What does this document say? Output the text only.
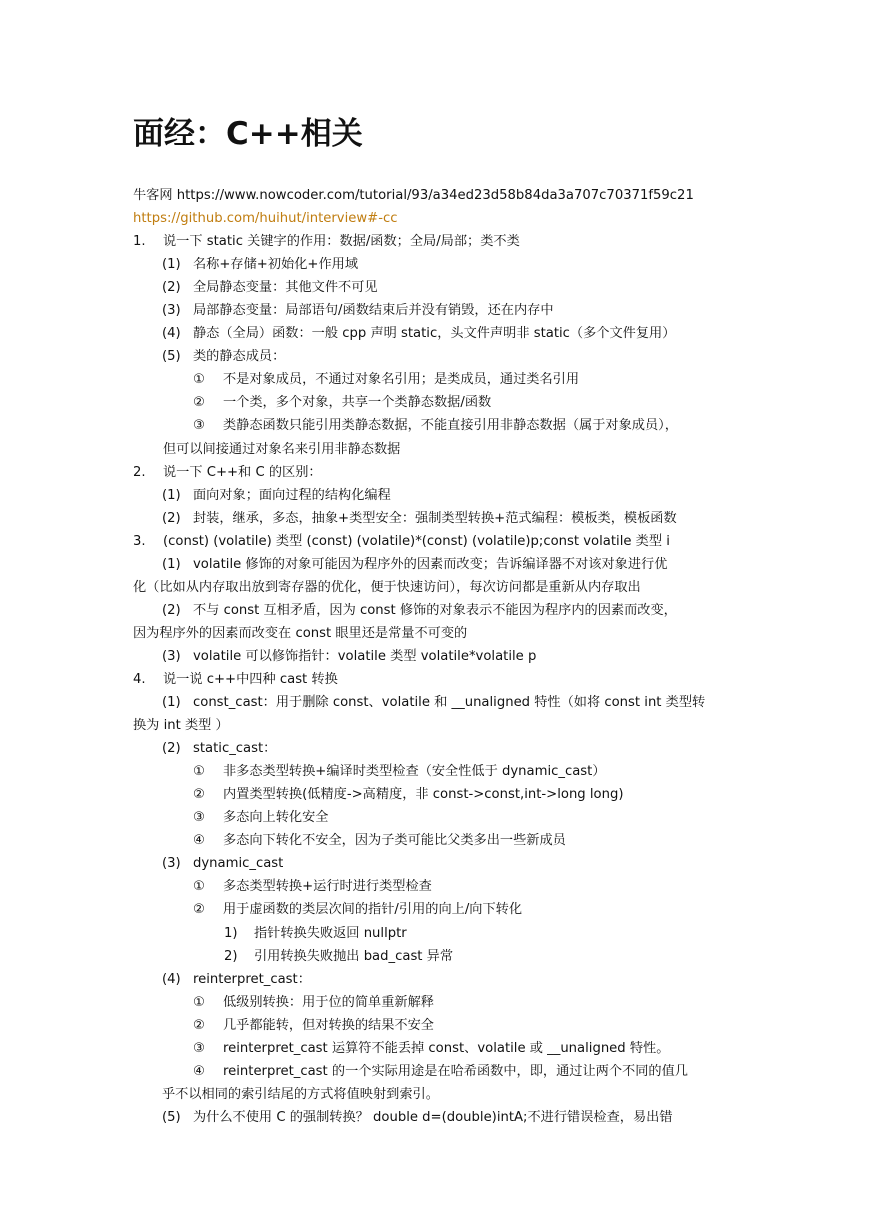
面经：C++相关
牛客网 https://www.nowcoder.com/tutorial/93/a34ed23d58b84da3a707c70371f59c21
https://github.com/huihut/interview#-cc
1. 说一下 static 关键字的作用：数据/函数；全局/局部；类不类
(1) 名称+存储+初始化+作用域
(2) 全局静态变量：其他文件不可见
(3) 局部静态变量：局部语句/函数结束后并没有销毁，还在内存中
(4) 静态（全局）函数：一般 cpp 声明 static，头文件声明非 static（多个文件复用）
(5) 类的静态成员：
① 不是对象成员，不通过对象名引用；是类成员，通过类名引用
② 一个类，多个对象，共享一个类静态数据/函数
③ 类静态函数只能引用类静态数据，不能直接引用非静态数据（属于对象成员），
但可以间接通过对象名来引用非静态数据
2. 说一下 C++和 C 的区别：
(1) 面向对象；面向过程的结构化编程
(2) 封装，继承，多态，抽象+类型安全：强制类型转换+范式编程：模板类，模板函数
3. (const) (volatile) 类型 (const) (volatile)*(const) (volatile)p;const volatile 类型 i
(1) volatile 修饰的对象可能因为程序外的因素而改变；告诉编译器不对该对象进行优
化（比如从内存取出放到寄存器的优化，便于快速访问），每次访问都是重新从内存取出
(2) 不与 const 互相矛盾，因为 const 修饰的对象表示不能因为程序内的因素而改变，
因为程序外的因素而改变在 const 眼里还是常量不可变的
(3) volatile 可以修饰指针：volatile 类型 volatile*volatile p
4. 说一说 c++中四种 cast 转换
(1) const_cast：用于删除 const、volatile 和 __unaligned 特性（如将 const int 类型转
换为 int 类型 ）
(2) static_cast：
① 非多态类型转换+编译时类型检查（安全性低于 dynamic_cast）
② 内置类型转换(低精度->高精度，非 const->const,int->long long)
③ 多态向上转化安全
④ 多态向下转化不安全，因为子类可能比父类多出一些新成员
(3) dynamic_cast
① 多态类型转换+运行时进行类型检查
② 用于虚函数的类层次间的指针/引用的向上/向下转化
1) 指针转换失败返回 nullptr
2) 引用转换失败抛出 bad_cast 异常
(4) reinterpret_cast：
① 低级别转换：用于位的简单重新解释
② 几乎都能转，但对转换的结果不安全
③ reinterpret_cast 运算符不能丢掉 const、volatile 或 __unaligned 特性。
④ reinterpret_cast 的一个实际用途是在哈希函数中，即，通过让两个不同的值几
乎不以相同的索引结尾的方式将值映射到索引。
(5) 为什么不使用 C 的强制转换？ double d=(double)intA;不进行错误检查，易出错
